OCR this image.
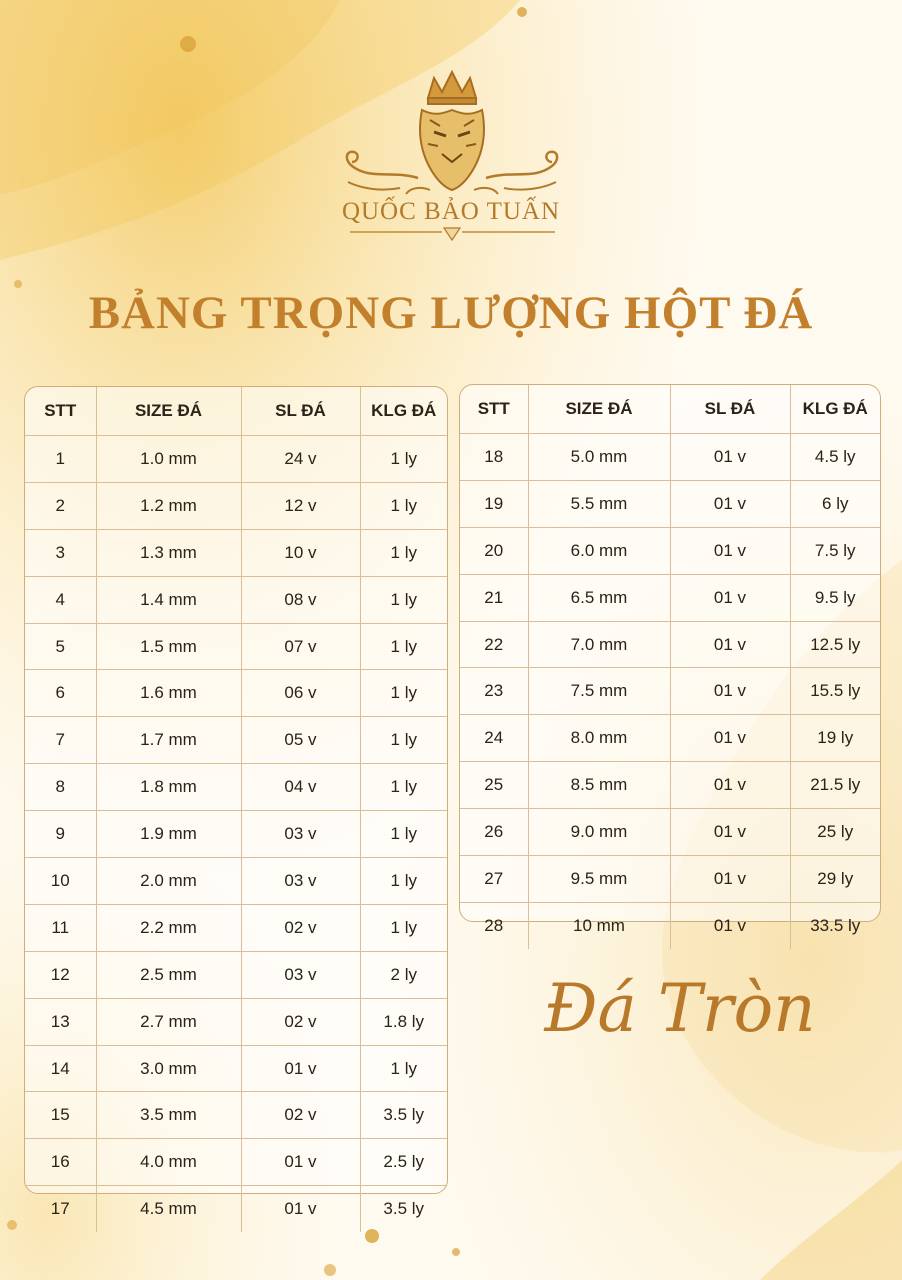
QUỐC BẢO TUẤN
BẢNG TRỌNG LƯỢNG HỘT ĐÁ
STT	SIZE ĐÁ	SL ĐÁ	KLG ĐÁ
1	1.0 mm	24 v	1 ly
2	1.2 mm	12 v	1 ly
3	1.3 mm	10 v	1 ly
4	1.4 mm	08 v	1 ly
5	1.5 mm	07 v	1 ly
6	1.6 mm	06 v	1 ly
7	1.7 mm	05 v	1 ly
8	1.8 mm	04 v	1 ly
9	1.9 mm	03 v	1 ly
10	2.0 mm	03 v	1 ly
11	2.2 mm	02 v	1 ly
12	2.5 mm	03 v	2 ly
13	2.7 mm	02 v	1.8 ly
14	3.0 mm	01 v	1 ly
15	3.5 mm	02 v	3.5 ly
16	4.0 mm	01 v	2.5 ly
17	4.5 mm	01 v	3.5 ly
STT	SIZE ĐÁ	SL ĐÁ	KLG ĐÁ
18	5.0 mm	01 v	4.5 ly
19	5.5 mm	01 v	6 ly
20	6.0 mm	01 v	7.5 ly
21	6.5 mm	01 v	9.5 ly
22	7.0 mm	01 v	12.5 ly
23	7.5 mm	01 v	15.5 ly
24	8.0 mm	01 v	19 ly
25	8.5 mm	01 v	21.5 ly
26	9.0 mm	01 v	25 ly
27	9.5 mm	01 v	29 ly
28	10 mm	01 v	33.5 ly
Đá Tròn
